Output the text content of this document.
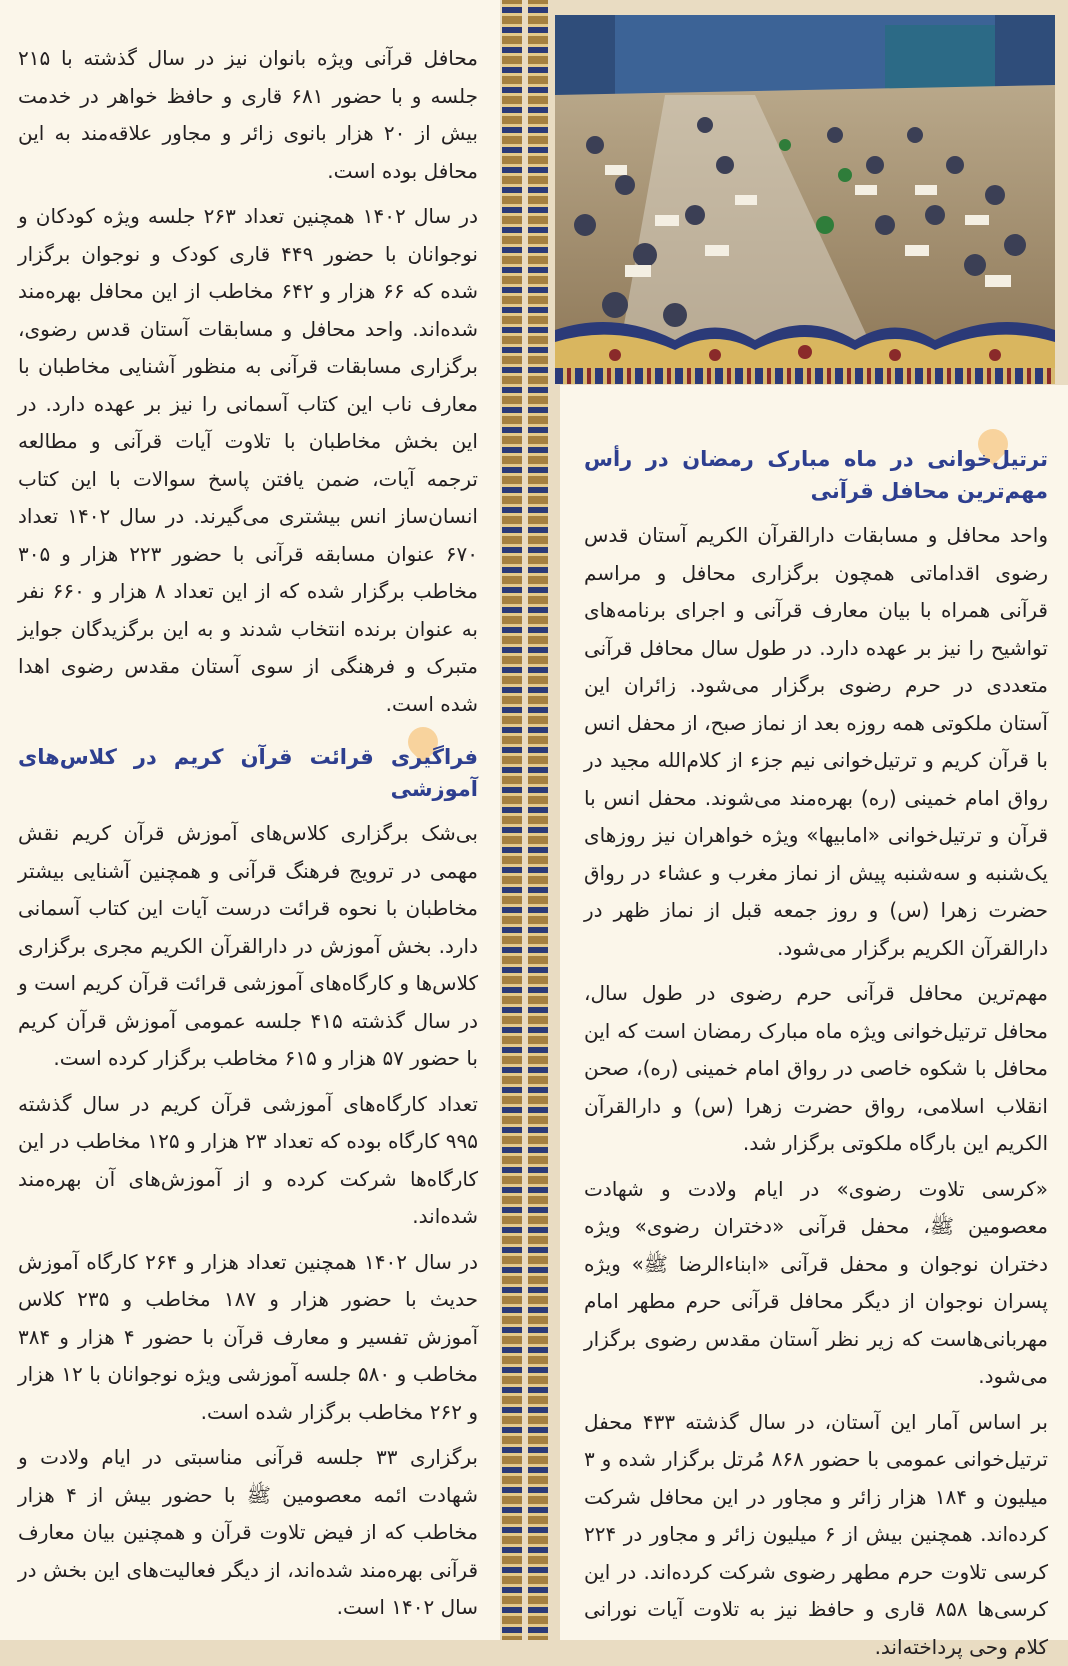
محافل قرآنی ویژه بانوان نیز در سال گذشته با ۲۱۵ جلسه و با حضور ۶۸۱ قاری و حافظ خواهر در خدمت بیش از ۲۰ هزار بانوی زائر و مجاور علاقه‌مند به این محافل بوده است.

در سال ۱۴۰۲ همچنین تعداد ۲۶۳ جلسه ویژه کودکان و نوجوانان با حضور ۴۴۹ قاری کودک و نوجوان برگزار شده که ۶۶ هزار و ۶۴۲ مخاطب از این محافل بهره‌مند شده‌اند. واحد محافل و مسابقات آستان قدس رضوی، برگزاری مسابقات قرآنی به منظور آشنایی مخاطبان با معارف ناب این کتاب آسمانی را نیز بر عهده دارد. در این بخش مخاطبان با تلاوت آیات قرآنی و مطالعه ترجمه آیات، ضمن یافتن پاسخ سوالات با این کتاب انسان‌ساز انس بیشتری می‌گیرند. در سال ۱۴۰۲ تعداد ۶۷۰ عنوان مسابقه قرآنی با حضور ۲۲۳ هزار و ۳۰۵ مخاطب برگزار شده که از این تعداد ۸ هزار و ۶۶۰ نفر به عنوان برنده انتخاب شدند و به این برگزیدگان جوایز متبرک و فرهنگی از سوی آستان مقدس رضوی اهدا شده است.

فراگیری قرائت قرآن کریم در کلاس‌های آموزشی

بی‌شک برگزاری کلاس‌های آموزش قرآن کریم نقش مهمی در ترویج فرهنگ قرآنی و همچنین آشنایی بیشتر مخاطبان با نحوه قرائت درست آیات این کتاب آسمانی دارد. بخش آموزش در دارالقرآن الکریم مجری برگزاری کلاس‌ها و کارگاه‌های آموزشی قرائت قرآن کریم است و در سال گذشته ۴۱۵ جلسه عمومی آموزش قرآن کریم با حضور ۵۷ هزار و ۶۱۵ مخاطب برگزار کرده است.

تعداد کارگاه‌های آموزشی قرآن کریم در سال گذشته ۹۹۵ کارگاه بوده که تعداد ۲۳ هزار و ۱۲۵ مخاطب در این کارگاه‌ها شرکت کرده و از آموزش‌های آن بهره‌مند شده‌اند.

در سال ۱۴۰۲ همچنین تعداد هزار و ۲۶۴ کارگاه آموزش حدیث با حضور هزار و ۱۸۷ مخاطب و ۲۳۵ کلاس آموزش تفسیر و معارف قرآن با حضور ۴ هزار و ۳۸۴ مخاطب و ۵۸۰ جلسه آموزشی ویژه نوجوانان با ۱۲ هزار و ۲۶۲ مخاطب برگزار شده است.

برگزاری ۳۳ جلسه قرآنی مناسبتی در ایام ولادت و شهادت ائمه معصومین ﷺ با حضور بیش از ۴ هزار مخاطب که از فیض تلاوت قرآن و همچنین بیان معارف قرآنی بهره‌مند شده‌اند، از دیگر فعالیت‌های این بخش در سال ۱۴۰۲ است.

ترتیل‌خوانی در ماه مبارک رمضان در رأس مهم‌ترین محافل قرآنی

واحد محافل و مسابقات دارالقرآن الکریم آستان قدس رضوی اقداماتی همچون برگزاری محافل و مراسم قرآنی همراه با بیان معارف قرآنی و اجرای برنامه‌های تواشیح را نیز بر عهده دارد. در طول سال محافل قرآنی متعددی در حرم رضوی برگزار می‌شود. زائران این آستان ملکوتی همه روزه بعد از نماز صبح، از محفل انس با قرآن کریم و ترتیل‌خوانی نیم جزء از کلام‌الله مجید در رواق امام خمینی (ره) بهره‌مند می‌شوند. محفل انس با قرآن و ترتیل‌خوانی «امابیها» ویژه خواهران نیز روزهای یک‌شنبه و سه‌شنبه پیش از نماز مغرب و عشاء در رواق حضرت زهرا (س) و روز جمعه قبل از نماز ظهر در دارالقرآن الکریم برگزار می‌شود.

مهم‌ترین محافل قرآنی حرم رضوی در طول سال، محافل ترتیل‌خوانی ویژه ماه مبارک رمضان است که این محافل با شکوه خاصی در رواق امام خمینی (ره)، صحن انقلاب اسلامی، رواق حضرت زهرا (س) و دارالقرآن الکریم این بارگاه ملکوتی برگزار شد.

«کرسی تلاوت رضوی» در ایام ولادت و شهادت معصومین ﷺ، محفل قرآنی «دختران رضوی» ویژه دختران نوجوان و محفل قرآنی «ابناءالرضا ﷺ» ویژه پسران نوجوان از دیگر محافل قرآنی حرم مطهر امام مهربانی‌هاست که زیر نظر آستان مقدس رضوی برگزار می‌شود.

بر اساس آمار این آستان، در سال گذشته ۴۳۳ محفل ترتیل‌خوانی عمومی با حضور ۸۶۸ مُرتل برگزار شده و ۳ میلیون و ۱۸۴ هزار زائر و مجاور در این محافل شرکت کرده‌اند. همچنین بیش از ۶ میلیون زائر و مجاور در ۲۲۴ کرسی تلاوت حرم مطهر رضوی شرکت کرده‌اند. در این کرسی‌ها ۸۵۸ قاری و حافظ نیز به تلاوت آیات نورانی کلام وحی پرداخته‌اند.
